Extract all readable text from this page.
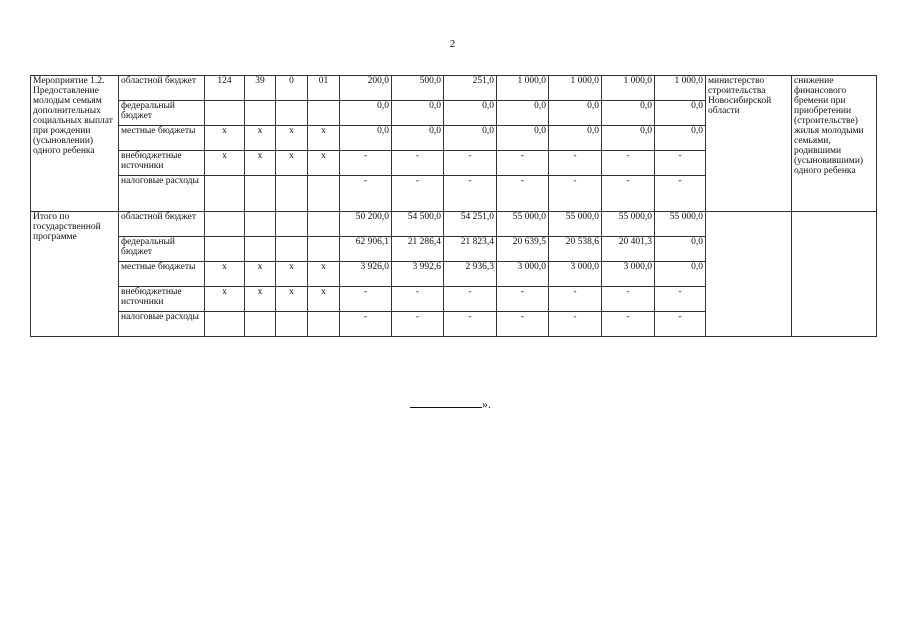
2
Мероприятие 1.2. Предоставление молодым семьям дополнительных социальных выплат при рождении (усыновлении) одного ребенка	областной бюджет	124	39	0	01	200,0	500,0	251,0	1 000,0	1 000,0	1 000,0	1 000,0	министерство строительства Новосибирской области	снижение финансового бремени при приобретении (строительстве) жилья молодыми семьями, родившими (усыновившими) одного ребенка
	федеральный бюджет					0,0	0,0	0,0	0,0	0,0	0,0	0,0		
	местные бюджеты	х	х	х	х	0,0	0,0	0,0	0,0	0,0	0,0	0,0		
	внебюджетные источники	х	х	х	х	-	-	-	-	-	-	-		
	налоговые расходы					-	-	-	-	-	-	-		
Итого по государственной программе	областной бюджет					50 200,0	54 500,0	54 251,0	55 000,0	55 000,0	55 000,0	55 000,0		
	федеральный бюджет					62 906,1	21 286,4	21 823,4	20 639,5	20 538,6	20 401,3	0,0		
	местные бюджеты	х	х	х	х	3 926,0	3 992,6	2 936,3	3 000,0	3 000,0	3 000,0	0,0		
	внебюджетные источники	х	х	х	х	-	-	-	-	-	-	-		
	налоговые расходы					-	-	-	-	-	-	-		
».
